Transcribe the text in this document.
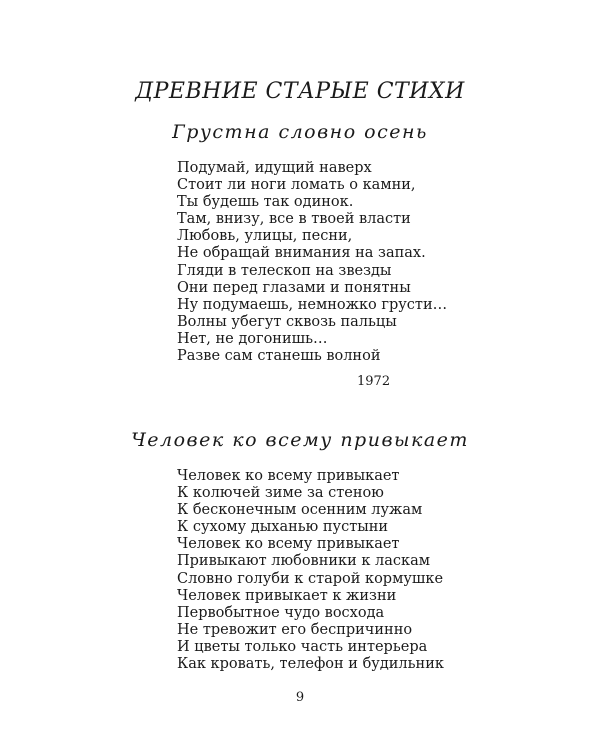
ДРЕВНИЕ СТАРЫЕ СТИХИ
Грустна словно осень
Подумай, идущий наверх
Стоит ли ноги ломать о камни,
Ты будешь так одинок.
Там, внизу, все в твоей власти
Любовь, улицы, песни,
Не обращай внимания на запах.
Гляди в телескоп на звезды
Они перед глазами и понятны
Ну подумаешь, немножко грусти…
Волны убегут сквозь пальцы
Нет, не догонишь…
Разве сам станешь волной
1972
Человек ко всему привыкает
Человек ко всему привыкает
К колючей зиме за стеною
К бесконечным осенним лужам
К сухому дыханью пустыни
Человек ко всему привыкает
Привыкают любовники к ласкам
Словно голуби к старой кормушке
Человек привыкает к жизни
Первобытное чудо восхода
Не тревожит его беспричинно
И цветы только часть интерьера
Как кровать, телефон и будильник
9
